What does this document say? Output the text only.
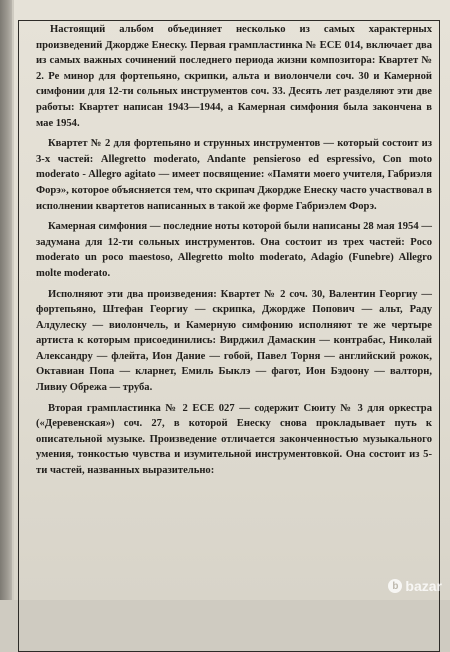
Настоящий альбом объединяет несколько из самых характерных произведений Джордже Енеску. Первая грампластинка № ЕСЕ 014, включает два из самых важных сочинений последнего периода жизни композитора: Квартет № 2. Ре минор для фортепьяно, скрипки, альта и виолончели соч. 30 и Камерной симфонии для 12-ти сольных инструментов соч. 33. Десять лет разделяют эти две работы: Квартет написан 1943—1944, а Камерная симфония была закончена в мае 1954.

Квартет № 2 для фортепьяно и струнных инструментов — который состоит из 3-х частей: Allegretto moderato, Andante pensieroso ed espressivo, Con moto moderato - Allegro agitato — имеет посвящение: «Памяти моего учителя, Габриэля Форэ», которое объясняется тем, что скрипач Джордже Енеску часто участвовал в исполнении квартетов написанных в такой же форме Габриэлем Форэ.

Камерная симфония — последние ноты которой были написаны 28 мая 1954 — задумана для 12-ти сольных инструментов. Она состоит из трех частей: Poco moderato un poco maestoso, Allegretto molto moderato, Adagio (Funebre) Allegro molte moderato.

Исполняют эти два произведения: Квартет № 2 соч. 30, Валентин Георгиу — фортепьяно, Штефан Георгиу — скрипка, Джордже Попович — альт, Раду Алдулеску — виолончель, и Камерную симфонию исполняют те же чертыре артиста к которым присоединились: Вирджил Дамаскин — контрабас, Николай Александру — флейта, Ион Дание — гобой, Павел Торня — английский рожок, Октавиан Попа — кларнет, Емиль Быклэ — фагот, Ион Бэдоону — валторн, Ливиу Обрежа — труба.

Вторая грампластинка № 2 ЕСЕ 027 — содержит Сюиту № 3 для оркестра («Деревенская») соч. 27, в которой Енеску снова прокладывает путь к описательной музыке. Произведение отличается законченностью музыкального умения, тонкостью чувства и изумительной инструментовкой. Она состоит из 5-ти частей, названных выразительно:

b bazar
